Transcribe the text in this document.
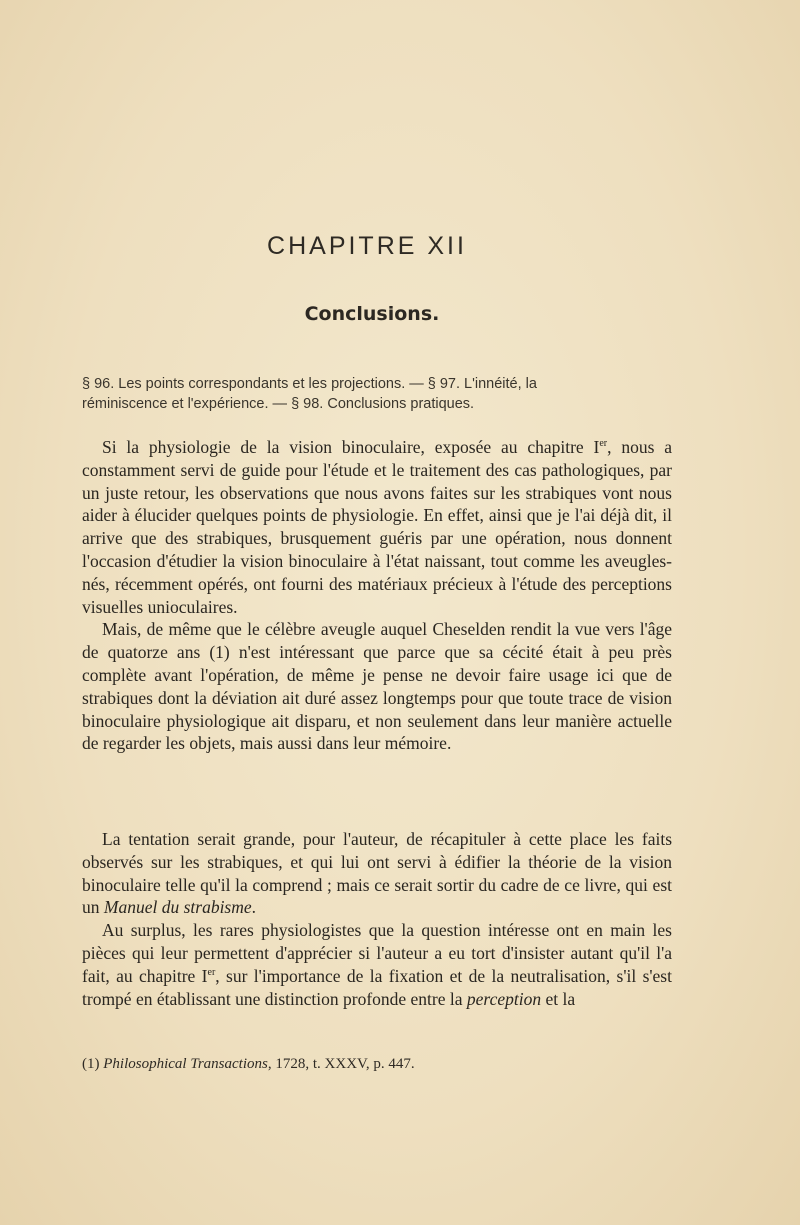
CHAPITRE XII
Conclusions.
§ 96. Les points correspondants et les projections. — § 97. L'innéité, la
réminiscence et l'expérience. — § 98. Conclusions pratiques.

Si la physiologie de la vision binoculaire, exposée au chapitre Ier, nous a constamment servi de guide pour l'étude et le traitement des cas pathologiques, par un juste retour, les observations que nous avons faites sur les strabiques vont nous aider à élucider quelques points de physiologie. En effet, ainsi que je l'ai déjà dit, il arrive que des strabiques, brusquement guéris par une opération, nous donnent l'occasion d'étudier la vision binoculaire à l'état naissant, tout comme les aveugles-nés, récemment opérés, ont fourni des matériaux précieux à l'étude des perceptions visuelles unioculaires.

Mais, de même que le célèbre aveugle auquel Cheselden rendit la vue vers l'âge de quatorze ans (1) n'est intéressant que parce que sa cécité était à peu près complète avant l'opération, de même je pense ne devoir faire usage ici que de strabiques dont la déviation ait duré assez longtemps pour que toute trace de vision binoculaire physiologique ait disparu, et non seulement dans leur manière actuelle de regarder les objets, mais aussi dans leur mémoire.

La tentation serait grande, pour l'auteur, de récapituler à cette place les faits observés sur les strabiques, et qui lui ont servi à édifier la théorie de la vision binoculaire telle qu'il la comprend ; mais ce serait sortir du cadre de ce livre, qui est un Manuel du strabisme.

Au surplus, les rares physiologistes que la question intéresse ont en main les pièces qui leur permettent d'apprécier si l'auteur a eu tort d'insister autant qu'il l'a fait, au chapitre Ier, sur l'importance de la fixation et de la neutralisation, s'il s'est trompé en établissant une distinction profonde entre la perception et la

(1) Philosophical Transactions, 1728, t. XXXV, p. 447.
